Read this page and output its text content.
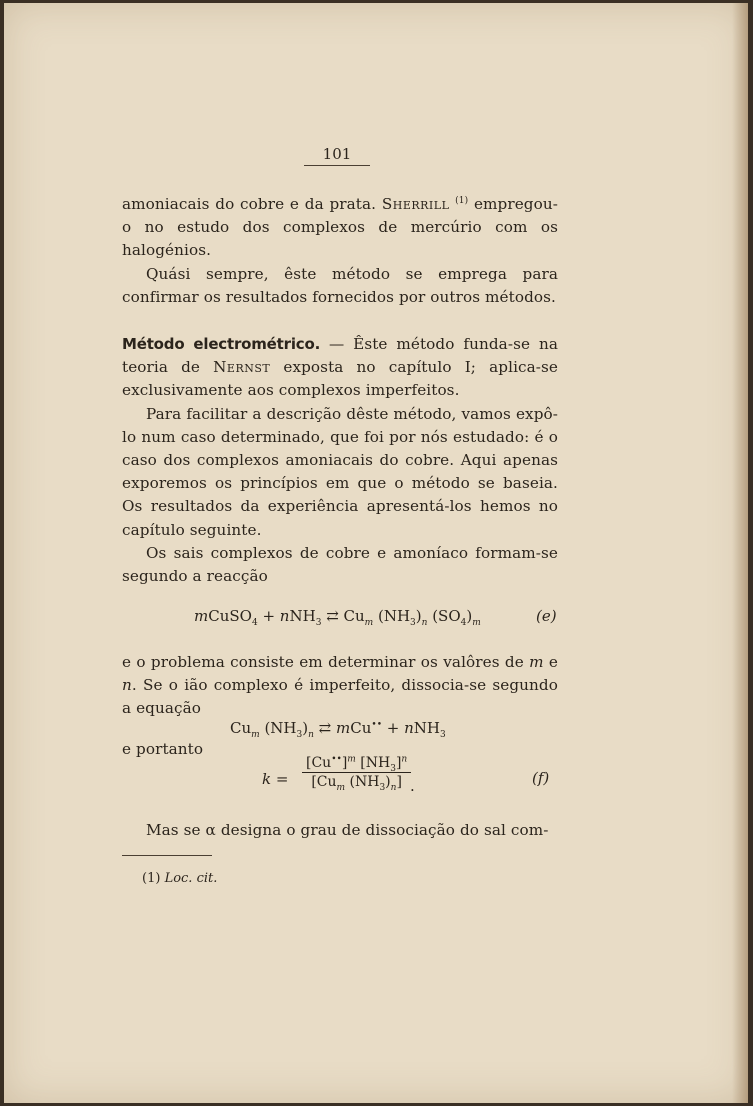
101

amoniacais do cobre e da prata. Sherrill $^{(1)}$ empregou-o no estudo dos complexos de mercúrio com os halogénios.

Quási sempre, êste método se emprega para confirmar os resultados fornecidos por outros métodos.

Método electrométrico. — Êste método funda-se na teoria de Nernst exposta no capítulo I; aplica-se exclusivamente aos complexos imperfeitos.

Para facilitar a descrição dêste método, vamos expô-lo num caso determinado, que foi por nós estudado: é o caso dos complexos amoniacais do cobre. Aqui apenas exporemos os princípios em que o método se baseia. Os resultados da experiência apresentá-los hemos no capítulo seguinte.

Os sais complexos de cobre e amoníaco formam-se segundo a reacção

mCuSO$_4$ + nNH$_3$ ⇄ $Cu_m$ $(NH_3)_n$ $(SO_4)_m$	(e)

e o problema consiste em determinar os valôres de m e n. Se o ião complexo é imperfeito, dissocia-se segundo a equação

$Cu_m$ $(NH_3)_n$ ⇄ mCu•• + nNH$_3$

e portanto

k =
$[Cu^{••}]^m$ $[NH_3]^n$
[$Cu_m$ $(NH_3)_n$] .	(f)

Mas se α designa o grau de dissociação do sal com-

(1) Loc. cit.
